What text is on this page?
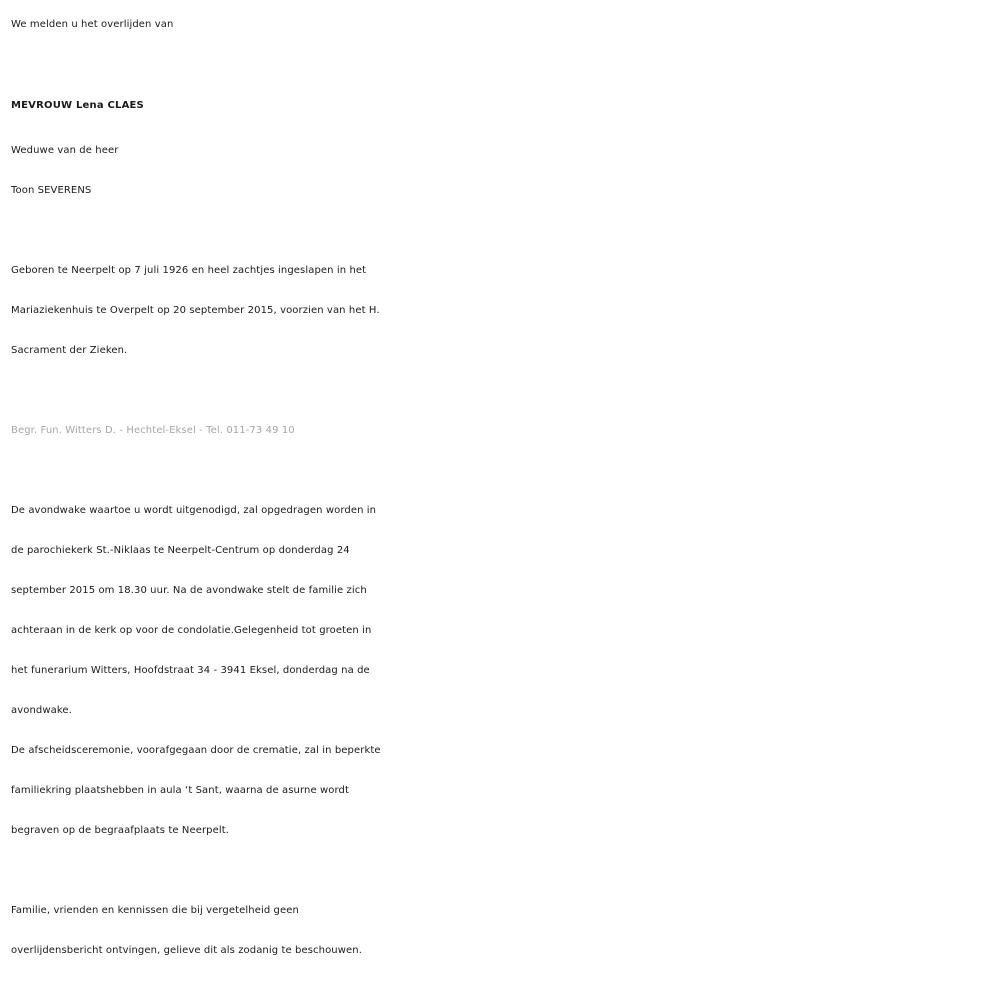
We melden u het overlijden van
MEVROUW Lena CLAES
Weduwe van de heer
Toon SEVERENS
Geboren te Neerpelt op 7 juli 1926 en heel zachtjes ingeslapen in het
Mariaziekenhuis te Overpelt op 20 september 2015, voorzien van het H.
Sacrament der Zieken.
Begr. Fun. Witters D. - Hechtel-Eksel - Tel. 011-73 49 10
De avondwake waartoe u wordt uitgenodigd, zal opgedragen worden in
de parochiekerk St.-Niklaas te Neerpelt-Centrum op donderdag 24
september 2015 om 18.30 uur. Na de avondwake stelt de familie zich
achteraan in de kerk op voor de condolatie.Gelegenheid tot groeten in
het funerarium Witters, Hoofdstraat 34 - 3941 Eksel, donderdag na de
avondwake.
De afscheidsceremonie, voorafgegaan door de crematie, zal in beperkte
familiekring plaatshebben in aula ‘t Sant, waarna de asurne wordt
begraven op de begraafplaats te Neerpelt.
Familie, vrienden en kennissen die bij vergetelheid geen
overlijdensbericht ontvingen, gelieve dit als zodanig te beschouwen.
